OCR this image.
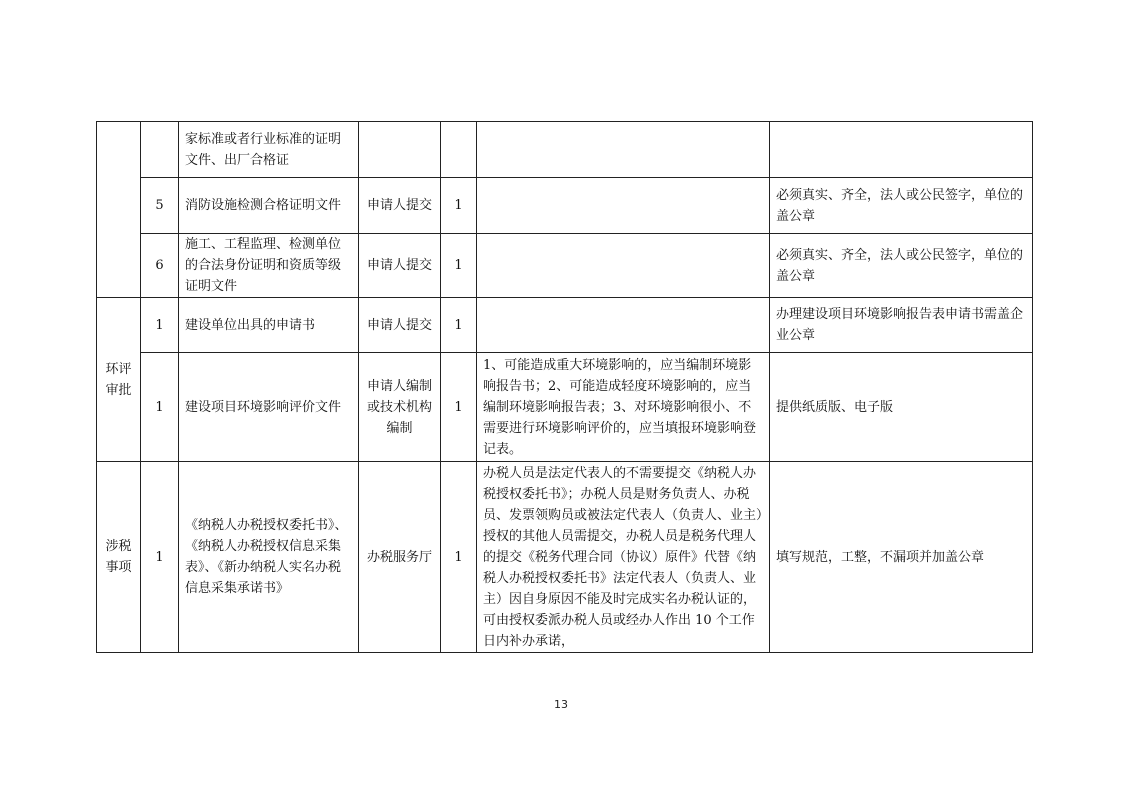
		家标准或者行业标准的证明文件、出厂合格证				
	5	消防设施检测合格证明文件	申请人提交	1		必须真实、齐全，法人或公民签字，单位的盖公章
	6	施工、工程监理、检测单位的合法身份证明和资质等级证明文件	申请人提交	1		必须真实、齐全，法人或公民签字，单位的盖公章
环评审批	1	建设单位出具的申请书	申请人提交	1		办理建设项目环境影响报告表申请书需盖企业公章
	1	建设项目环境影响评价文件	申请人编制或技术机构编制	1	1、可能造成重大环境影响的，应当编制环境影响报告书；2、可能造成轻度环境影响的，应当编制环境影响报告表；3、对环境影响很小、不需要进行环境影响评价的，应当填报环境影响登记表。	提供纸质版、电子版
涉税事项	1	《纳税人办税授权委托书》、《纳税人办税授权信息采集表》、《新办纳税人实名办税信息采集承诺书》	办税服务厅	1	办税人员是法定代表人的不需要提交《纳税人办税授权委托书》；办税人员是财务负责人、办税员、发票领购员或被法定代表人（负责人、业主）授权的其他人员需提交，办税人员是税务代理人的提交《税务代理合同（协议）原件》代替《纳税人办税授权委托书》法定代表人（负责人、业主）因自身原因不能及时完成实名办税认证的，可由授权委派办税人员或经办人作出 10 个工作日内补办承诺，	填写规范，工整，不漏项并加盖公章
13
